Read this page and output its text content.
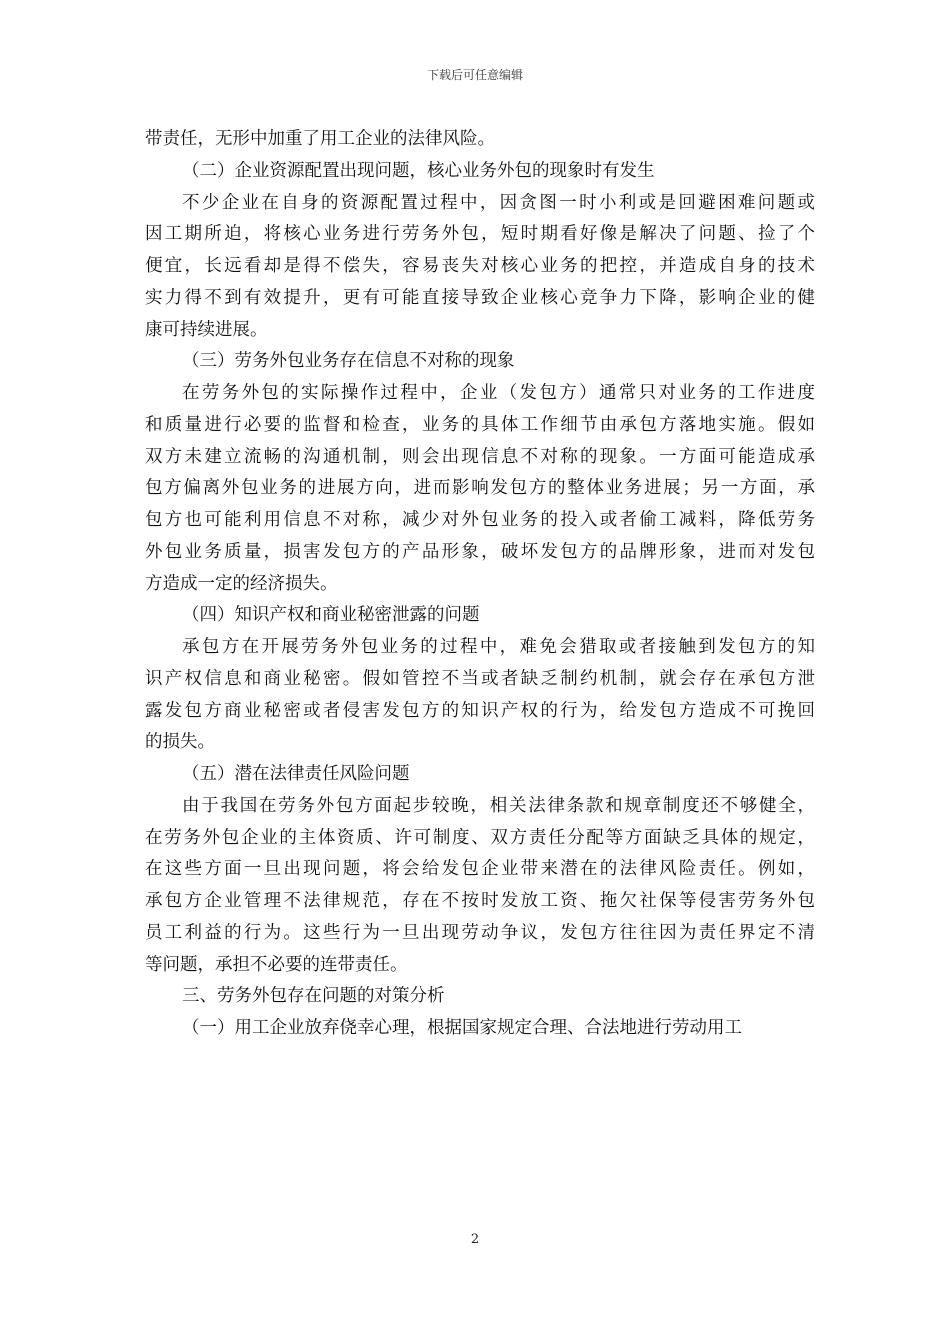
下载后可任意编辑
带责任，无形中加重了用工企业的法律风险。
（二）企业资源配置出现问题，核心业务外包的现象时有发生
不少企业在自身的资源配置过程中，因贪图一时小利或是回避困难问题或
因工期所迫，将核心业务进行劳务外包，短时期看好像是解决了问题、捡了个
便宜，长远看却是得不偿失，容易丧失对核心业务的把控，并造成自身的技术
实力得不到有效提升，更有可能直接导致企业核心竞争力下降，影响企业的健
康可持续进展。
（三）劳务外包业务存在信息不对称的现象
在劳务外包的实际操作过程中，企业（发包方）通常只对业务的工作进度
和质量进行必要的监督和检查，业务的具体工作细节由承包方落地实施。假如
双方未建立流畅的沟通机制，则会出现信息不对称的现象。一方面可能造成承
包方偏离外包业务的进展方向，进而影响发包方的整体业务进展；另一方面，承
包方也可能利用信息不对称，减少对外包业务的投入或者偷工减料，降低劳务
外包业务质量，损害发包方的产品形象，破坏发包方的品牌形象，进而对发包
方造成一定的经济损失。
（四）知识产权和商业秘密泄露的问题
承包方在开展劳务外包业务的过程中，难免会猎取或者接触到发包方的知
识产权信息和商业秘密。假如管控不当或者缺乏制约机制，就会存在承包方泄
露发包方商业秘密或者侵害发包方的知识产权的行为，给发包方造成不可挽回
的损失。
（五）潜在法律责任风险问题
由于我国在劳务外包方面起步较晚，相关法律条款和规章制度还不够健全，
在劳务外包企业的主体资质、许可制度、双方责任分配等方面缺乏具体的规定，
在这些方面一旦出现问题，将会给发包企业带来潜在的法律风险责任。例如，
承包方企业管理不法律规范，存在不按时发放工资、拖欠社保等侵害劳务外包
员工利益的行为。这些行为一旦出现劳动争议，发包方往往因为责任界定不清
等问题，承担不必要的连带责任。
三、劳务外包存在问题的对策分析
（一）用工企业放弃侥幸心理，根据国家规定合理、合法地进行劳动用工
2
